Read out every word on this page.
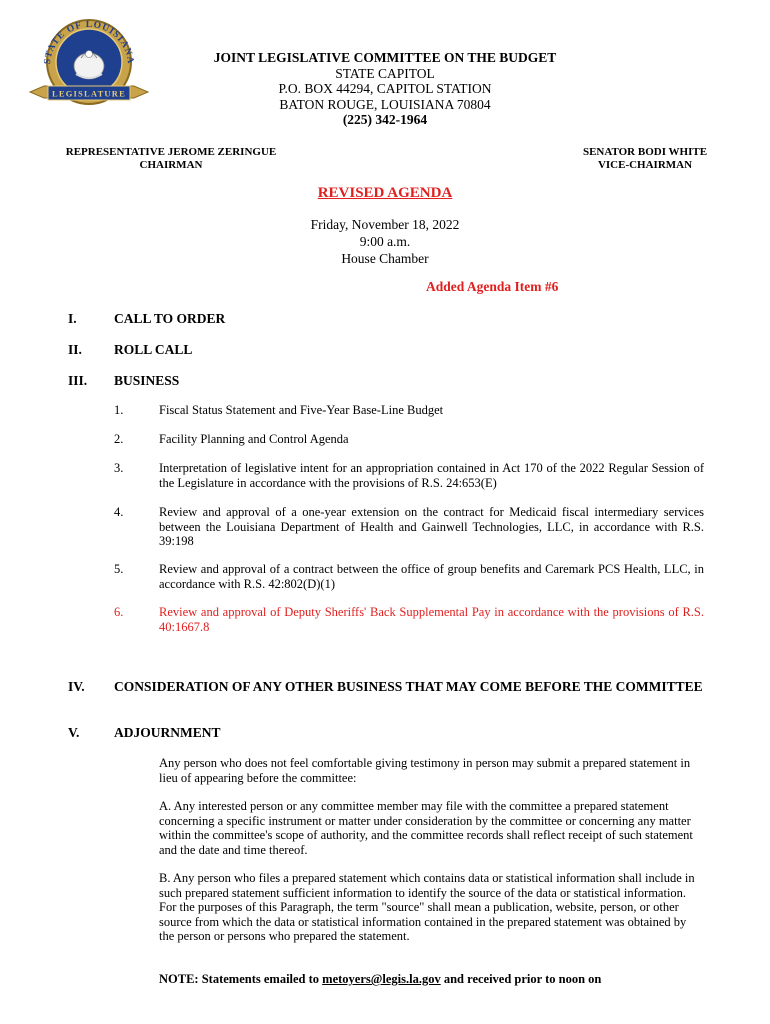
STATE OF LOUISIANA
LEGISLATURE
JOINT LEGISLATIVE COMMITTEE ON THE BUDGET
STATE CAPITOL
P.O. BOX 44294, CAPITOL STATION
BATON ROUGE, LOUISIANA 70804
(225) 342-1964
REPRESENTATIVE JEROME ZERINGUE
CHAIRMAN
SENATOR BODI WHITE
VICE-CHAIRMAN
REVISED AGENDA
Friday, November 18, 2022
9:00 a.m.
House Chamber
Added Agenda Item #6
I.	CALL TO ORDER
II. ROLL CALL
III. BUSINESS
1.	Fiscal Status Statement and Five-Year Base-Line Budget
2.	Facility Planning and Control Agenda
3.	Interpretation of legislative intent for an appropriation contained in Act 170 of the 2022 Regular Session of the Legislature in accordance with the provisions of R.S. 24:653(E)
4.	Review and approval of a one-year extension on the contract for Medicaid fiscal intermediary services between the Louisiana Department of Health and Gainwell Technologies, LLC, in accordance with R.S. 39:198
5.	Review and approval of a contract between the office of group benefits and Caremark PCS Health, LLC, in accordance with R.S. 42:802(D)(1)
6.	Review and approval of Deputy Sheriffs' Back Supplemental Pay in accordance with the provisions of R.S. 40:1667.8
IV. CONSIDERATION OF ANY OTHER BUSINESS THAT MAY COME BEFORE THE COMMITTEE
V.	ADJOURNMENT
Any person who does not feel comfortable giving testimony in person may submit a prepared statement in lieu of appearing before the committee:
A. Any interested person or any committee member may file with the committee a prepared statement concerning a specific instrument or matter under consideration by the committee or concerning any matter within the committee's scope of authority, and the committee records shall reflect receipt of such statement and the date and time thereof.
B. Any person who files a prepared statement which contains data or statistical information shall include in such prepared statement sufficient information to identify the source of the data or statistical information. For the purposes of this Paragraph, the term "source" shall mean a publication, website, person, or other source from which the data or statistical information contained in the prepared statement was obtained by the person or persons who prepared the statement.
NOTE: Statements emailed to metoyers@legis.la.gov and received prior to noon on
